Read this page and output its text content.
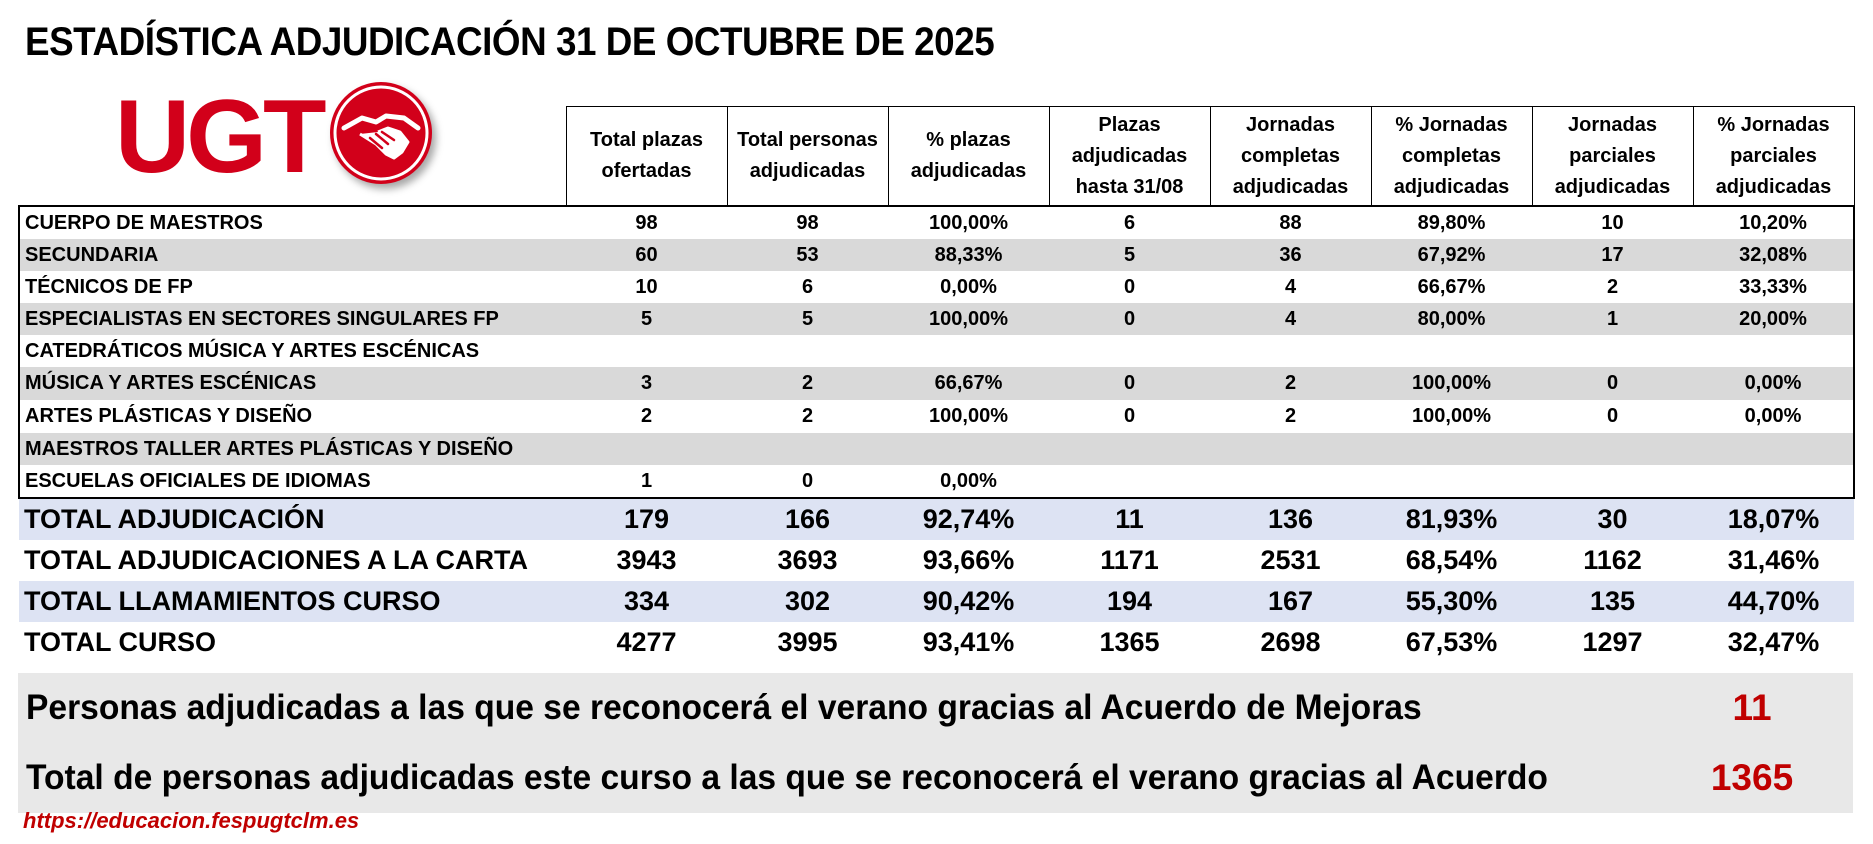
ESTADÍSTICA ADJUDICACIÓN 31 DE OCTUBRE DE 2025
UGT
		Total plazas ofertadas	Total personas adjudicadas	% plazas adjudicadas	Plazas adjudicadas hasta 31/08	Jornadas completas adjudicadas	% Jornadas completas adjudicadas	Jornadas parciales adjudicadas	% Jornadas parciales adjudicadas
CUERPO DE MAESTROS	98	98	100,00%	6	88	89,80%	10	10,20%
SECUNDARIA	60	53	88,33%	5	36	67,92%	17	32,08%
TÉCNICOS DE FP	10	6	0,00%	0	4	66,67%	2	33,33%
ESPECIALISTAS EN SECTORES SINGULARES FP	5	5	100,00%	0	4	80,00%	1	20,00%
CATEDRÁTICOS MÚSICA Y ARTES ESCÉNICAS								
MÚSICA Y ARTES ESCÉNICAS	3	2	66,67%	0	2	100,00%	0	0,00%
ARTES PLÁSTICAS Y DISEÑO	2	2	100,00%	0	2	100,00%	0	0,00%
MAESTROS TALLER ARTES PLÁSTICAS Y DISEÑO								
ESCUELAS OFICIALES DE IDIOMAS	1	0	0,00%					
TOTAL ADJUDICACIÓN	179	166	92,74%	11	136	81,93%	30	18,07%
TOTAL ADJUDICACIONES A LA CARTA	3943	3693	93,66%	1171	2531	68,54%	1162	31,46%
TOTAL LLAMAMIENTOS CURSO	334	302	90,42%	194	167	55,30%	135	44,70%
TOTAL CURSO	4277	3995	93,41%	1365	2698	67,53%	1297	32,47%
Personas adjudicadas a las que se reconocerá el verano gracias al Acuerdo de Mejoras	11
Total de personas adjudicadas este curso a las que se reconocerá el verano gracias al Acuerdo	1365
https://educacion.fespugtclm.es
